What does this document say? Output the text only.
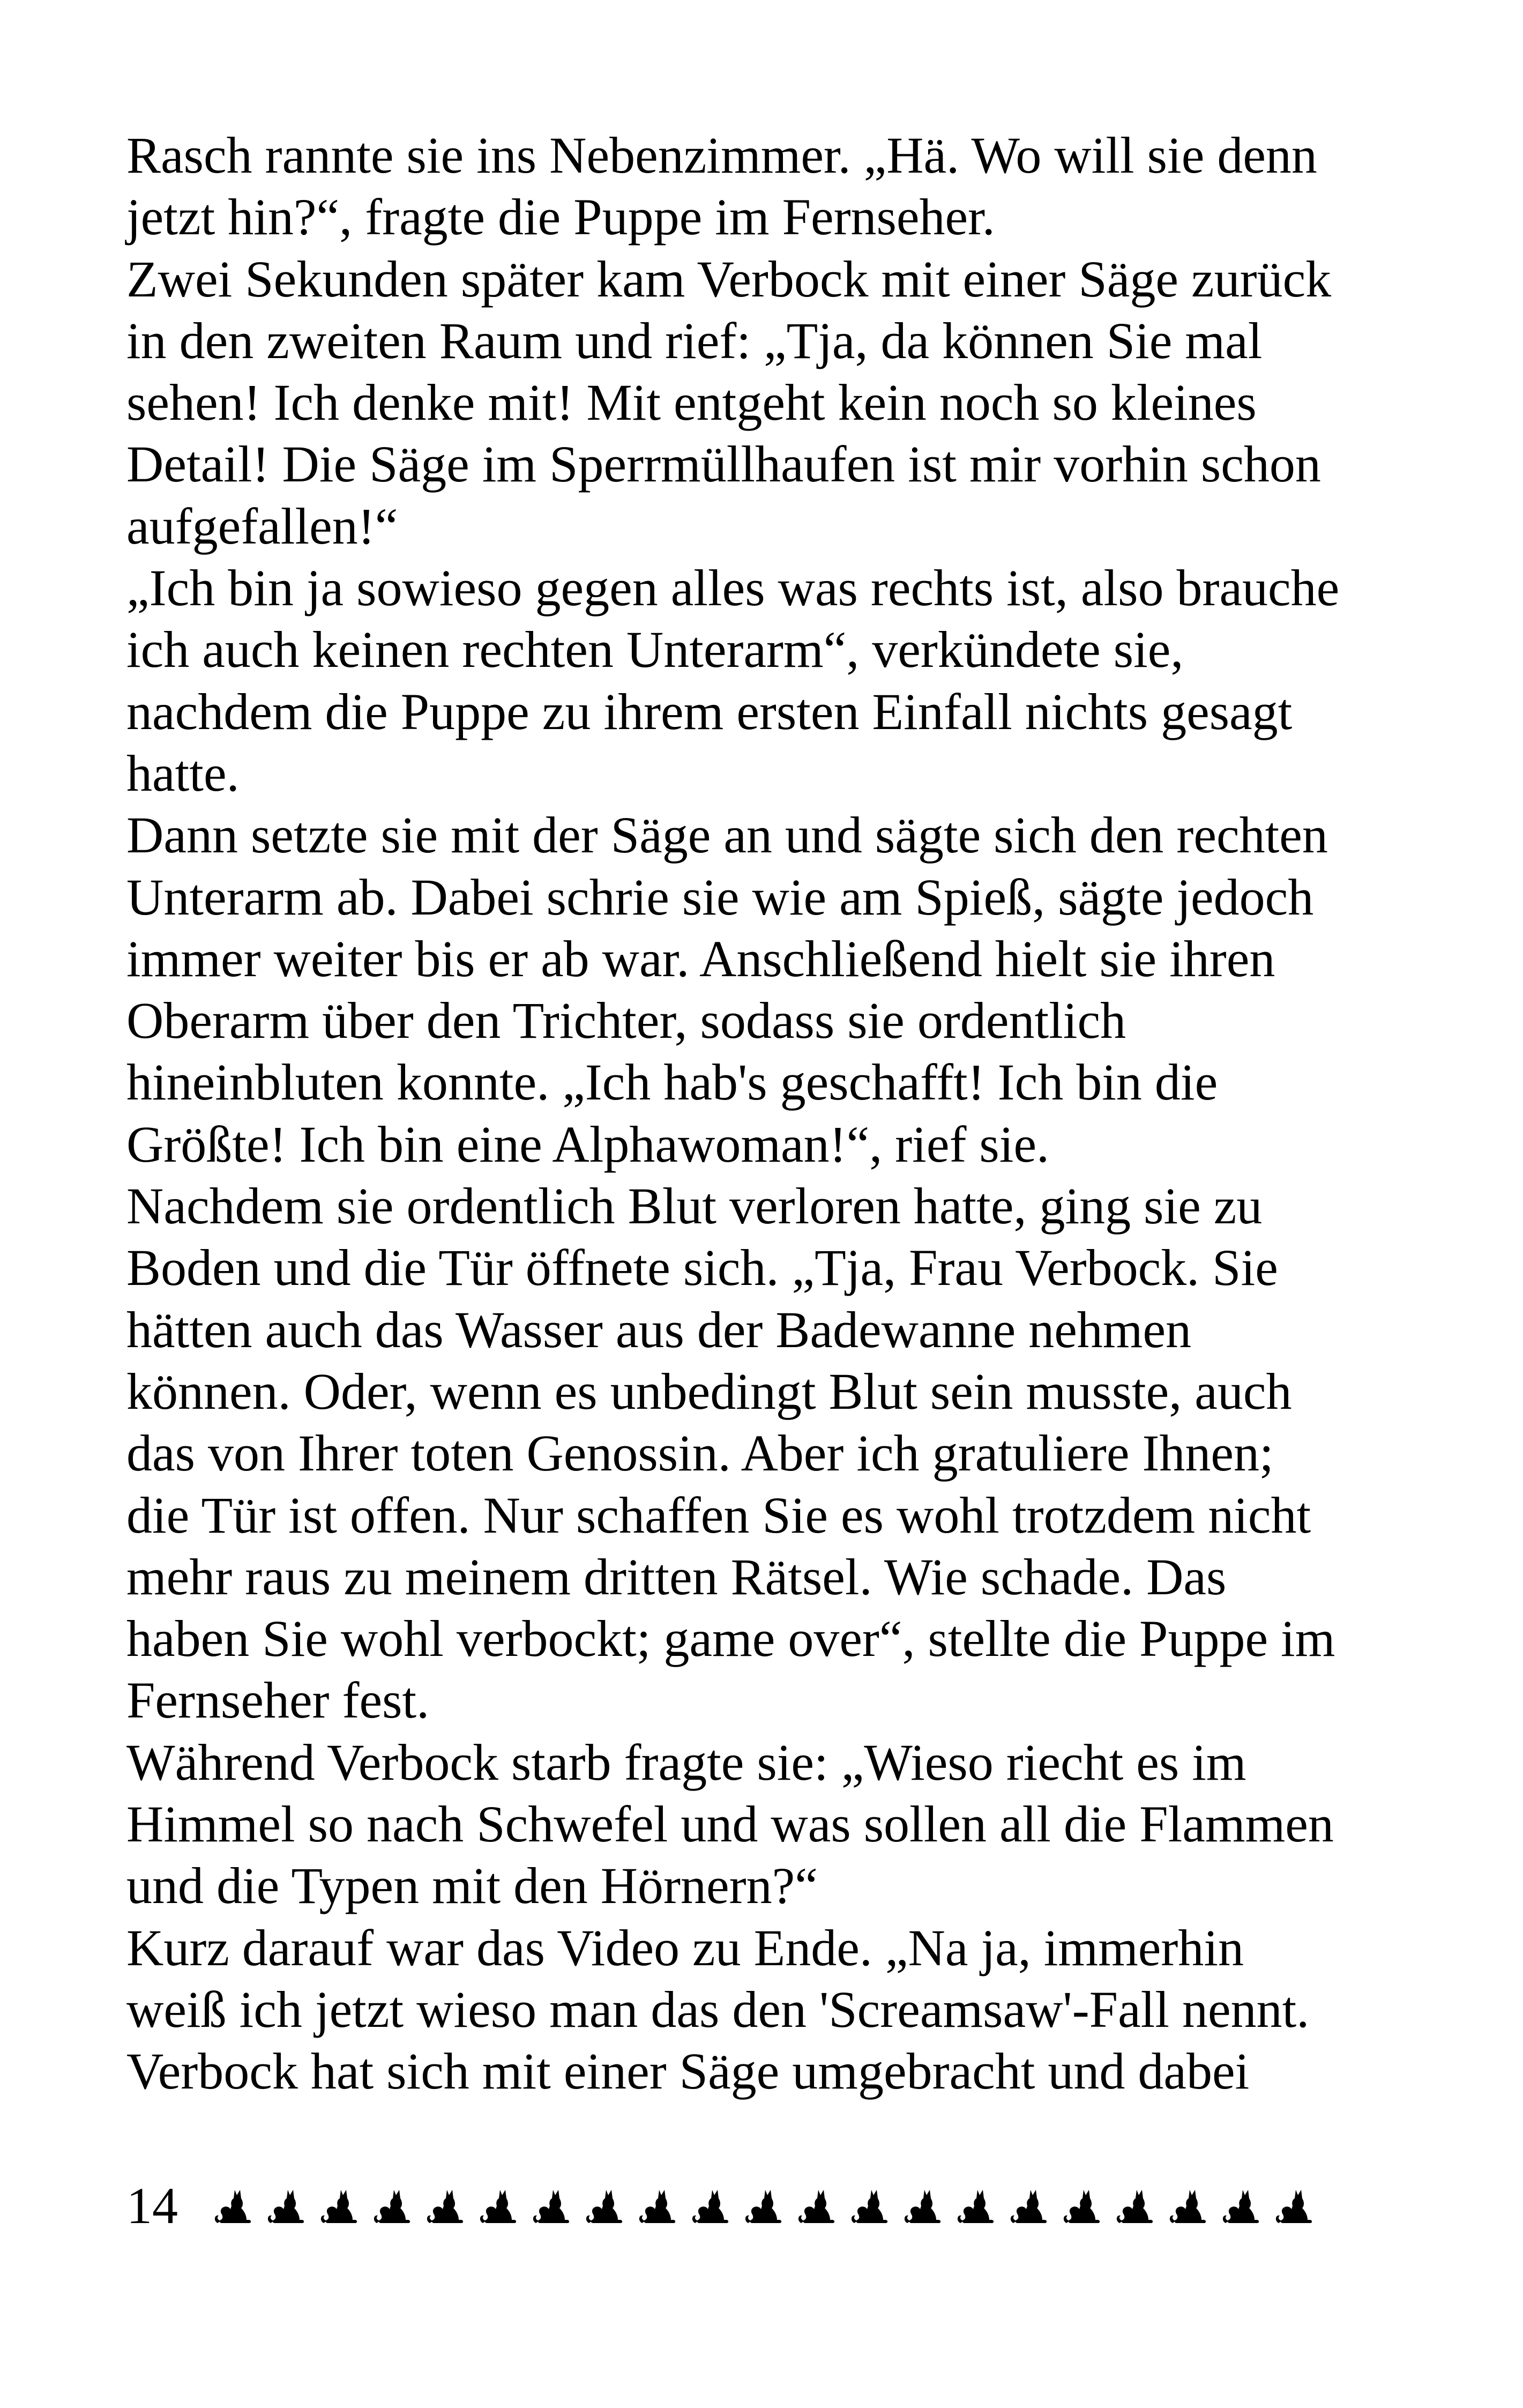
Rasch rannte sie ins Nebenzimmer. „Hä. Wo will sie denn
jetzt hin?“, fragte die Puppe im Fernseher.
Zwei Sekunden später kam Verbock mit einer Säge zurück
in den zweiten Raum und rief: „Tja, da können Sie mal
sehen! Ich denke mit! Mit entgeht kein noch so kleines
Detail! Die Säge im Sperrmüllhaufen ist mir vorhin schon
aufgefallen!“
„Ich bin ja sowieso gegen alles was rechts ist, also brauche
ich auch keinen rechten Unterarm“, verkündete sie,
nachdem die Puppe zu ihrem ersten Einfall nichts gesagt
hatte.
Dann setzte sie mit der Säge an und sägte sich den rechten
Unterarm ab. Dabei schrie sie wie am Spieß, sägte jedoch
immer weiter bis er ab war. Anschließend hielt sie ihren
Oberarm über den Trichter, sodass sie ordentlich
hineinbluten konnte. „Ich hab's geschafft! Ich bin die
Größte! Ich bin eine Alphawoman!“, rief sie.
Nachdem sie ordentlich Blut verloren hatte, ging sie zu
Boden und die Tür öffnete sich. „Tja, Frau Verbock. Sie
hätten auch das Wasser aus der Badewanne nehmen
können. Oder, wenn es unbedingt Blut sein musste, auch
das von Ihrer toten Genossin. Aber ich gratuliere Ihnen;
die Tür ist offen. Nur schaffen Sie es wohl trotzdem nicht
mehr raus zu meinem dritten Rätsel. Wie schade. Das
haben Sie wohl verbockt; game over“, stellte die Puppe im
Fernseher fest.
Während Verbock starb fragte sie: „Wieso riecht es im
Himmel so nach Schwefel und was sollen all die Flammen
und die Typen mit den Hörnern?“
Kurz darauf war das Video zu Ende. „Na ja, immerhin
weiß ich jetzt wieso man das den 'Screamsaw'-Fall nennt.
Verbock hat sich mit einer Säge umgebracht und dabei
14
